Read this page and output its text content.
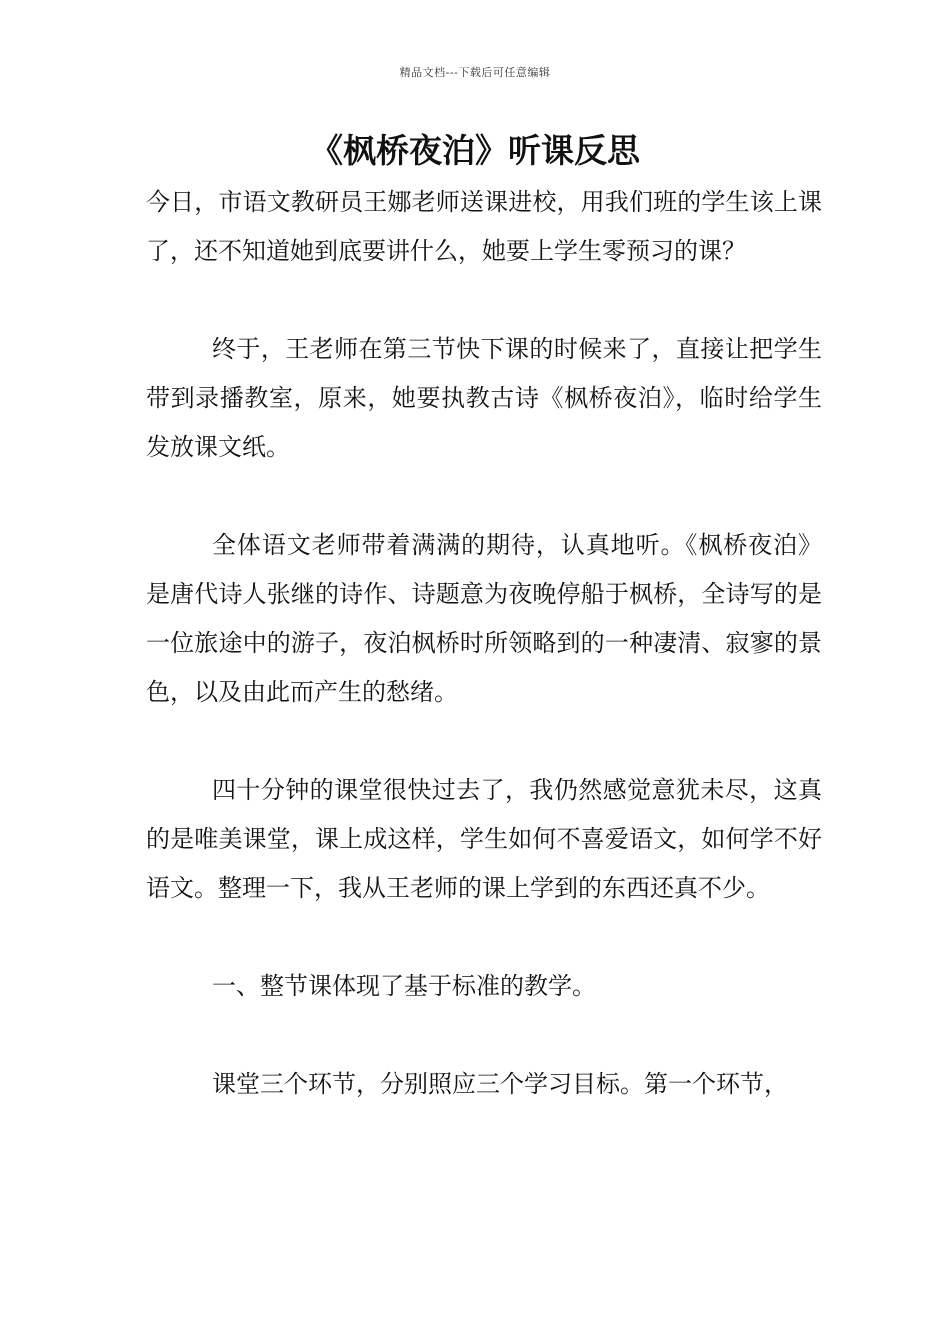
精品文档---下载后可任意编辑
《枫桥夜泊》听课反思

今日，市语文教研员王娜老师送课进校，用我们班的学生该上课了，还不知道她到底要讲什么，她要上学生零预习的课？

终于，王老师在第三节快下课的时候来了，直接让把学生带到录播教室，原来，她要执教古诗《枫桥夜泊》，临时给学生发放课文纸。

全体语文老师带着满满的期待，认真地听。《枫桥夜泊》是唐代诗人张继的诗作、诗题意为夜晚停船于枫桥，全诗写的是一位旅途中的游子，夜泊枫桥时所领略到的一种凄清、寂寥的景色，以及由此而产生的愁绪。

四十分钟的课堂很快过去了，我仍然感觉意犹未尽，这真的是唯美课堂，课上成这样，学生如何不喜爱语文，如何学不好语文。整理一下，我从王老师的课上学到的东西还真不少。

一、整节课体现了基于标准的教学。

课堂三个环节，分别照应三个学习目标。第一个环节，
